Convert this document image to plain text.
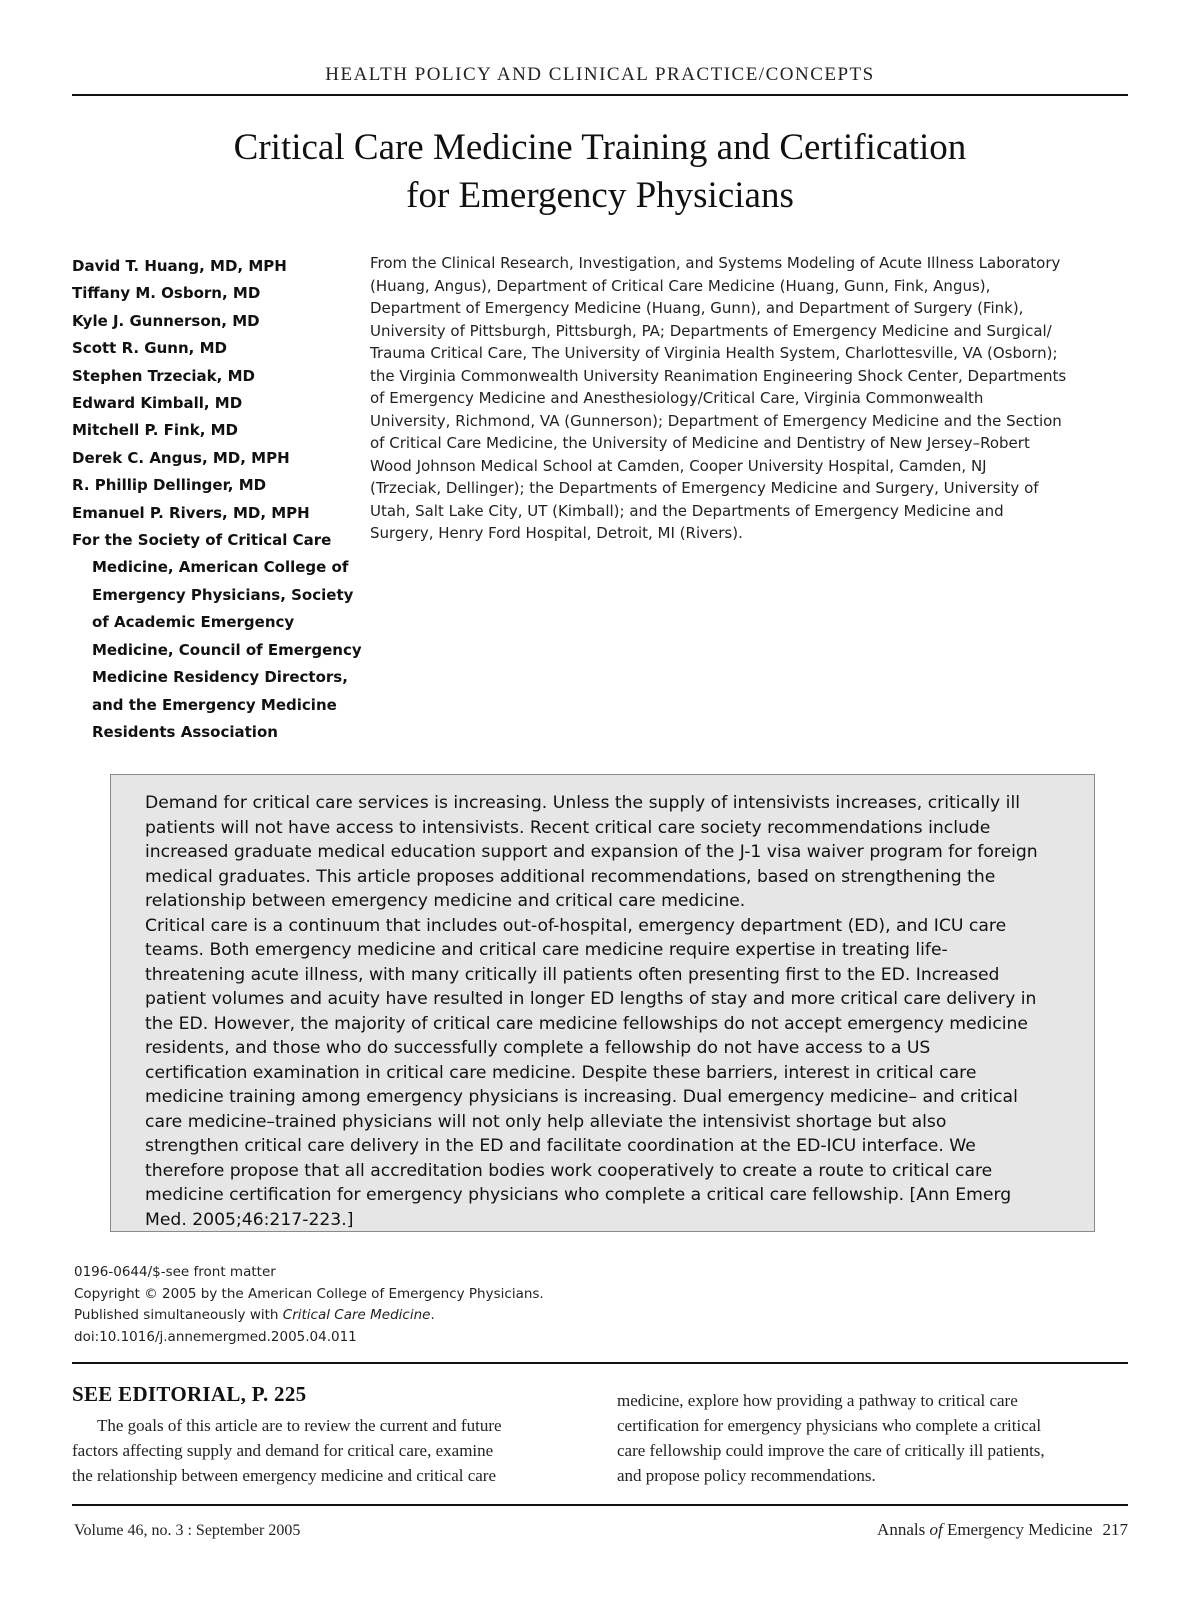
HEALTH POLICY AND CLINICAL PRACTICE/CONCEPTS
Critical Care Medicine Training and Certification
for Emergency Physicians
David T. Huang, MD, MPH
Tiffany M. Osborn, MD
Kyle J. Gunnerson, MD
Scott R. Gunn, MD
Stephen Trzeciak, MD
Edward Kimball, MD
Mitchell P. Fink, MD
Derek C. Angus, MD, MPH
R. Phillip Dellinger, MD
Emanuel P. Rivers, MD, MPH
For the Society of Critical Care
Medicine, American College of
Emergency Physicians, Society
of Academic Emergency
Medicine, Council of Emergency
Medicine Residency Directors,
and the Emergency Medicine
Residents Association
From the Clinical Research, Investigation, and Systems Modeling of Acute Illness Laboratory
(Huang, Angus), Department of Critical Care Medicine (Huang, Gunn, Fink, Angus),
Department of Emergency Medicine (Huang, Gunn), and Department of Surgery (Fink),
University of Pittsburgh, Pittsburgh, PA; Departments of Emergency Medicine and Surgical/
Trauma Critical Care, The University of Virginia Health System, Charlottesville, VA (Osborn);
the Virginia Commonwealth University Reanimation Engineering Shock Center, Departments
of Emergency Medicine and Anesthesiology/Critical Care, Virginia Commonwealth
University, Richmond, VA (Gunnerson); Department of Emergency Medicine and the Section
of Critical Care Medicine, the University of Medicine and Dentistry of New Jersey–Robert
Wood Johnson Medical School at Camden, Cooper University Hospital, Camden, NJ
(Trzeciak, Dellinger); the Departments of Emergency Medicine and Surgery, University of
Utah, Salt Lake City, UT (Kimball); and the Departments of Emergency Medicine and
Surgery, Henry Ford Hospital, Detroit, MI (Rivers).
Demand for critical care services is increasing. Unless the supply of intensivists increases, critically ill
patients will not have access to intensivists. Recent critical care society recommendations include
increased graduate medical education support and expansion of the J-1 visa waiver program for foreign
medical graduates. This article proposes additional recommendations, based on strengthening the
relationship between emergency medicine and critical care medicine.
Critical care is a continuum that includes out-of-hospital, emergency department (ED), and ICU care
teams. Both emergency medicine and critical care medicine require expertise in treating life-
threatening acute illness, with many critically ill patients often presenting first to the ED. Increased
patient volumes and acuity have resulted in longer ED lengths of stay and more critical care delivery in
the ED. However, the majority of critical care medicine fellowships do not accept emergency medicine
residents, and those who do successfully complete a fellowship do not have access to a US
certification examination in critical care medicine. Despite these barriers, interest in critical care
medicine training among emergency physicians is increasing. Dual emergency medicine– and critical
care medicine–trained physicians will not only help alleviate the intensivist shortage but also
strengthen critical care delivery in the ED and facilitate coordination at the ED-ICU interface. We
therefore propose that all accreditation bodies work cooperatively to create a route to critical care
medicine certification for emergency physicians who complete a critical care fellowship. [Ann Emerg
Med. 2005;46:217-223.]
0196-0644/$-see front matter
Copyright © 2005 by the American College of Emergency Physicians.
Published simultaneously with Critical Care Medicine.
doi:10.1016/j.annemergmed.2005.04.011
SEE EDITORIAL, P. 225
The goals of this article are to review the current and future
factors affecting supply and demand for critical care, examine
the relationship between emergency medicine and critical care
medicine, explore how providing a pathway to critical care
certification for emergency physicians who complete a critical
care fellowship could improve the care of critically ill patients,
and propose policy recommendations.
Volume 46, no. 3 : September 2005	Annals of Emergency Medicine 217
